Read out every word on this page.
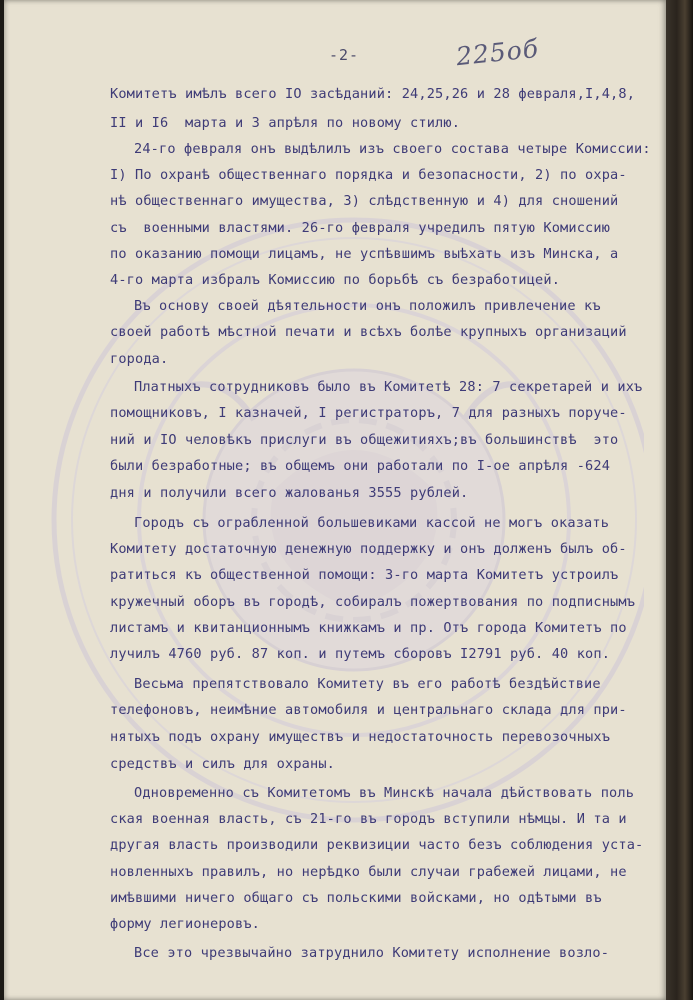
-2-	225об
Комитетъ имѣлъ всего IO засѣданий: 24,25,26 и 28 февраля,I,4,8,
II и I6  марта и 3 апрѣля по новому стилю.
24-го февраля онъ выдѣлилъ изъ своего состава четыре Комиссии:
I) По охранѣ общественнаго порядка и безопасности, 2) по охра-
нѣ общественнаго имущества, 3) слѣдственную и 4) для сношений
съ  военными властями. 26-го февраля учредилъ пятую Комиссию
по оказанию помощи лицамъ, не успѣвшимъ выѣхать изъ Минска, а
4-го марта избралъ Комиссию по борьбѣ съ безработицей.
Въ основу своей дѣятельности онъ положилъ привлечение къ
своей работѣ мѣстной печати и всѣхъ болѣе крупныхъ организаций
города.
Платныхъ сотрудниковъ было въ Комитетѣ 28: 7 секретарей и ихъ
помощниковъ, I казначей, I регистраторъ, 7 для разныхъ поруче-
ний и IO человѣкъ прислуги въ общежитияхъ;въ большинствѣ  это
были безработные; въ общемъ они работали по I-ое апрѣля -624
дня и получили всего жалованья 3555 рублей.
Городъ съ ограбленной большевиками кассой не могъ оказать
Комитету достаточную денежную поддержку и онъ долженъ былъ об-
ратиться къ общественной помощи: 3-го марта Комитетъ устроилъ
кружечный оборъ въ городѣ, собиралъ пожертвования по подписнымъ
листамъ и квитанционнымъ книжкамъ и пр. Отъ города Комитетъ по
лучилъ 4760 руб. 87 коп. и путемъ сборовъ I2791 руб. 40 коп.
Весьма препятствовало Комитету въ его работѣ бездѣйствие
телефоновъ, неимѣние автомобиля и центральнаго склада для при-
нятыхъ подъ охрану имуществъ и недостаточность перевозочныхъ
средствъ и силъ для охраны.
Одновременно съ Комитетомъ въ Минскѣ начала дѣйствовать поль
ская военная власть, съ 21-го въ городъ вступили нѣмцы. И та и
другая власть производили реквизиции часто безъ соблюдения уста-
новленныхъ правилъ, но нерѣдко были случаи грабежей лицами, не
имѣвшими ничего общаго съ польскими войсками, но одѣтыми въ
форму легионеровъ.
Все это чрезвычайно затруднило Комитету исполнение возло-
